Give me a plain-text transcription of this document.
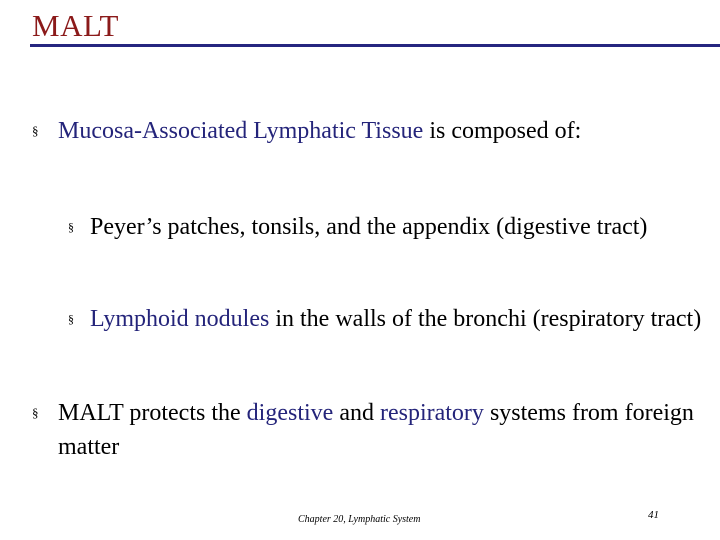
MALT
§ Mucosa-Associated Lymphatic Tissue is composed of:
§ Peyer’s patches, tonsils, and the appendix (digestive tract)
§ Lymphoid nodules in the walls of the bronchi (respiratory tract)
§ MALT protects the digestive and respiratory systems from foreign matter
Chapter 20, Lymphatic System	41
